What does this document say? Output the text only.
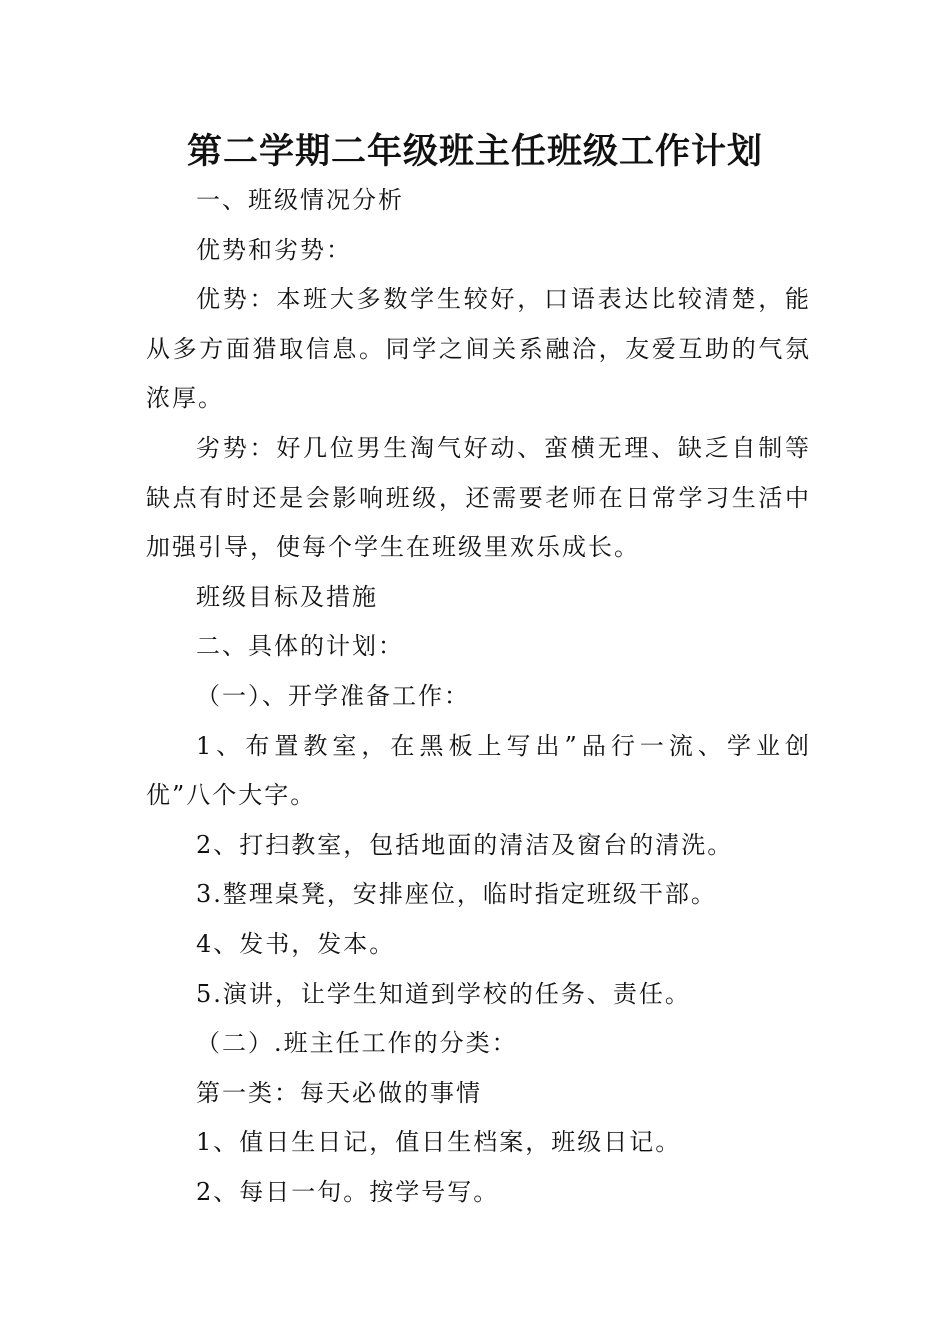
第二学期二年级班主任班级工作计划

一、班级情况分析

优势和劣势：

优势：本班大多数学生较好，口语表达比较清楚，能从多方面猎取信息。同学之间关系融洽，友爱互助的气氛浓厚。

劣势：好几位男生淘气好动、蛮横无理、缺乏自制等缺点有时还是会影响班级，还需要老师在日常学习生活中加强引导，使每个学生在班级里欢乐成长。

班级目标及措施

二、具体的计划：

（一）、开学准备工作：

1、布置教室，在黑板上写出”品行一流、学业创优”八个大字。

2、打扫教室，包括地面的清洁及窗台的清洗。

3.整理桌凳，安排座位，临时指定班级干部。

4、发书，发本。

5.演讲，让学生知道到学校的任务、责任。

（二）.班主任工作的分类：

第一类：每天必做的事情

1、值日生日记，值日生档案，班级日记。

2、每日一句。按学号写。
